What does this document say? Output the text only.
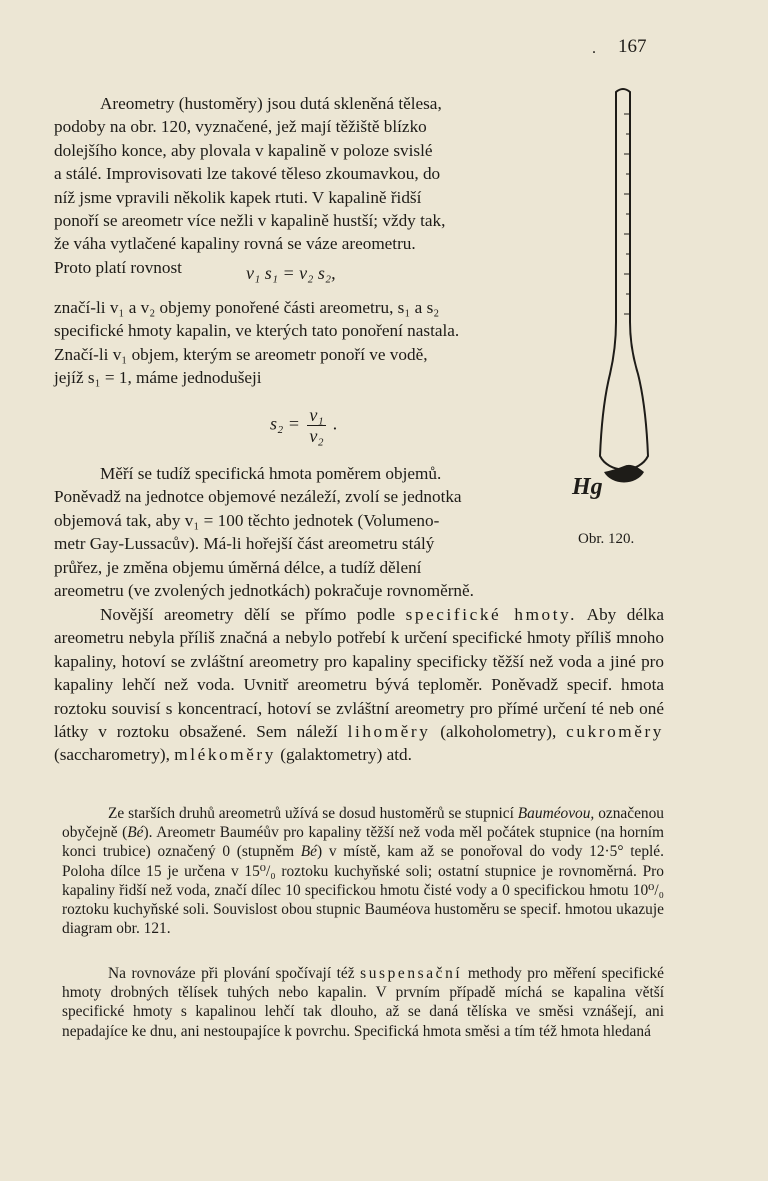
. 167

Areometry (hustoměry) jsou dutá skleněná tělesa,

podoby na obr. 120, vyznačené, jež mají těžiště blízko

dolejšího konce, aby plovala v kapalině v poloze svislé

a stálé. Improvisovati lze takové těleso zkoumavkou, do

níž jsme vpravili několik kapek rtuti. V kapalině řidší

ponoří se areometr více nežli v kapalině hustší; vždy tak,

že váha vytlačené kapaliny rovná se váze areometru.

Proto platí rovnost	v₁ s₁ = v₂ s₂,

značí-li v₁ a v₂ objemy ponořené části areometru, s₁ a s₂

specifické hmoty kapalin, ve kterých tato ponoření nastala.

Značí-li v₁ objem, kterým se areometr ponoří ve vodě,

jejíž s₁ = 1, máme jednodušeji

$s_2 = \frac{\text{v₁}}{\text{v₂}}$ .

Měří se tudíž specifická hmota poměrem objemů.

Poněvadž na jednotce objemové nezáleží, zvolí se jednotka

objemová tak, aby v₁ = 100 těchto jednotek (Volumeno-

metr Gay-Lussacův). Má-li hořejší část areometru stálý

průřez, je změna objemu úměrná délce, a tudíž dělení

areometru (ve zvolených jednotkách) pokračuje rovnoměrně.

Novější areometry dělí se přímo podle specifické hmoty. Aby délka areometru nebyla příliš značná a nebylo potřebí k určení specifické hmoty příliš mnoho kapaliny, hotoví se zvláštní areometry pro kapaliny specificky těžší než voda a jiné pro kapaliny lehčí než voda. Uvnitř areometru bývá teploměr. Poněvadž specif. hmota roztoku souvisí s koncentrací, hotoví se zvláštní areometry pro přímé určení té neb oné látky v roztoku obsažené. Sem náleží lihoměry (alkoholometry), cukroměry (saccharometry), mlékoměry (galaktometry) atd.

Ze starších druhů areometrů užívá se dosud hustoměrů se stupnicí Bauméovou, označenou obyčejně (Bé). Areometr Bauméův pro kapaliny těžší než voda měl počátek stupnice (na horním konci trubice) označený 0 (stupněm Bé) v místě, kam až se ponořoval do vody 12·5° teplé. Poloha dílce 15 je určena v 15⁰/₀ roztoku kuchyňské soli; ostatní stupnice je rovnoměrná. Pro kapaliny řidší než voda, značí dílec 10 specifickou hmotu čisté vody a 0 specifickou hmotu 10⁰/₀ roztoku kuchyňské soli. Souvislost obou stupnic Bauméova hustoměru se specif. hmotou ukazuje diagram obr. 121.

Na rovnováze při plování spočívají též suspensační methody pro měření specifické hmoty drobných tělísek tuhých nebo kapalin. V prvním případě míchá se kapalina větší specifické hmoty s kapalinou lehčí tak dlouho, až se daná tělíska ve směsi vznášejí, ani nepadajíce ke dnu, ani nestoupajíce k povrchu. Specifická hmota směsi a tím též hmota hledaná

Hg
Obr. 120.
